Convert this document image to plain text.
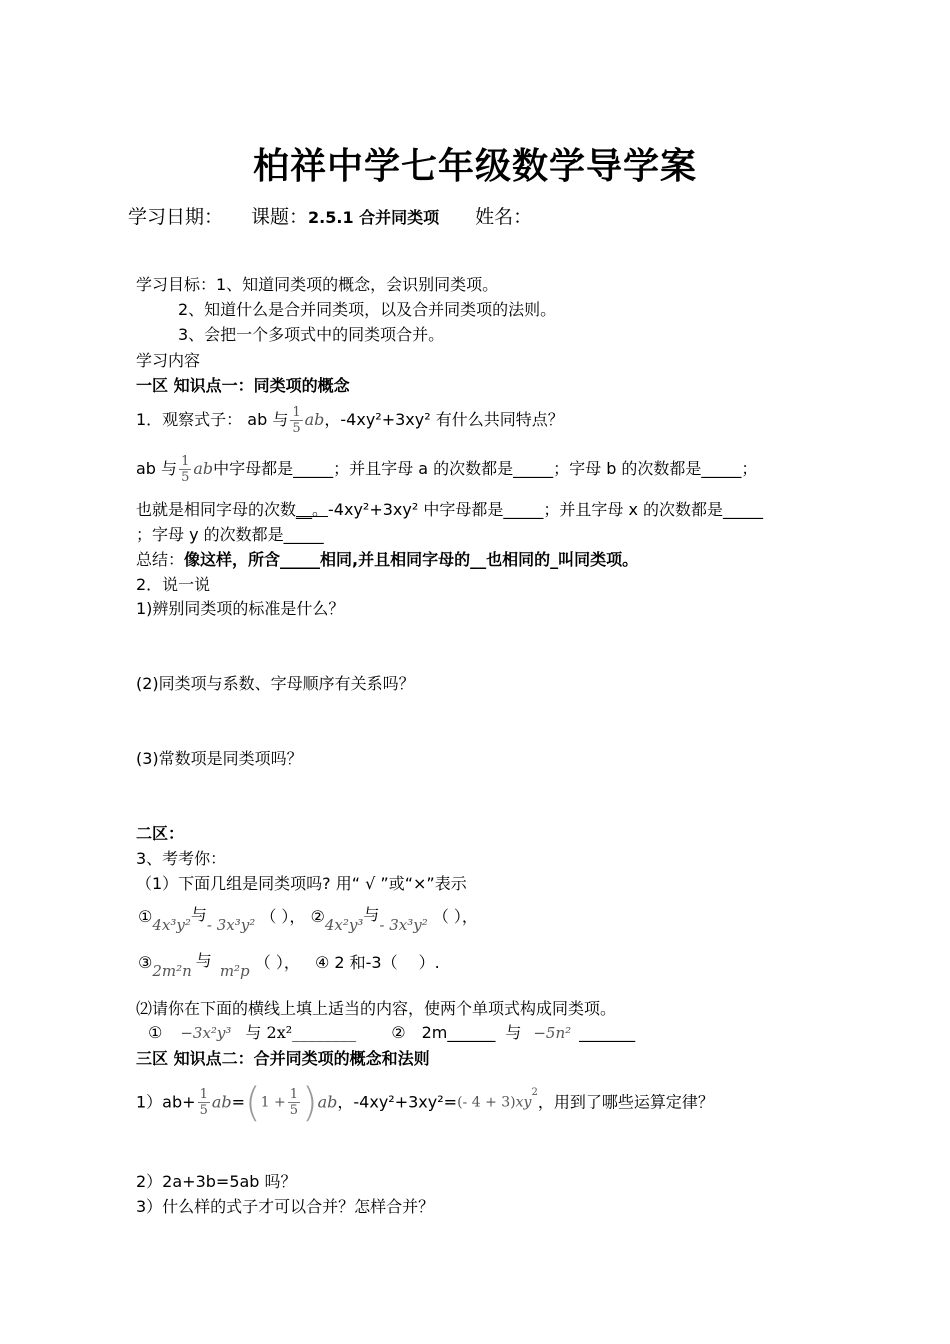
柏祥中学七年级数学导学案
学习日期： 课题：2.5.1 合并同类项 姓名：
学习目标：1、知道同类项的概念，会识别同类项。
2、知道什么是合并同类项，以及合并同类项的法则。
3、会把一个多项式中的同类项合并。
学习内容
一区 知识点一：同类项的概念
1．观察式子： ab 与 $\frac{1}{5}$ ab，-4xy²+3xy² 有什么共同特点？
ab 与 $\frac{1}{5}$ ab中字母都是_____；并且字母 a 的次数都是_____；字母 b 的次数都是_____；
也就是相同字母的次数__。-4xy²+3xy² 中字母都是_____；并且字母 x 的次数都是_____
；字母 y 的次数都是_____
总结：像这样，所含_____相同,并且相同字母的__也相同的_叫同类项。
2．说一说
1)辨别同类项的标准是什么？
(2)同类项与系数、字母顺序有关系吗？
(3)常数项是同类项吗？
二区：
3、考考你：
（1）下面几组是同类项吗? 用“ √ ”或“×”表示
①4x³y²与- 3x³y² （ ）， ②4x²y³与- 3x³y² （ ），
③2m²n与m²p （ ）， ④ 2 和-3（　 ）.
⑵请你在下面的横线上填上适当的内容，使两个单项式构成同类项。
① −3x²y³ 与 2x²________ ② 2m______ 与 −5n² _______
三区 知识点二：合并同类项的概念和法则
$1)ab+ \frac{1}{5} ab=(1 + \frac{1}{5} )ab$，-4xy²+3xy²=(- $4 + 3)xy^2$，用到了哪些运算定律？
2）2a+3b=5ab 吗？
3）什么样的式子才可以合并？怎样合并？
